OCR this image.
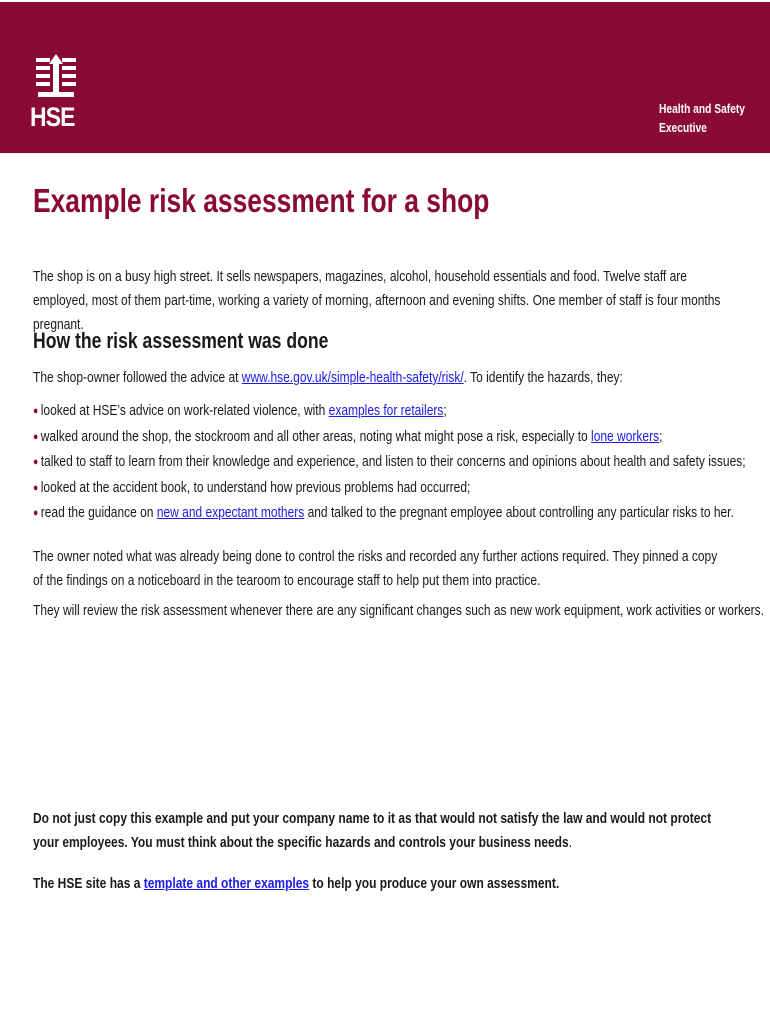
HSE	Health and Safety
Executive
Example risk assessment for a shop

The shop is on a busy high street. It sells newspapers, magazines, alcohol, household essentials and food. Twelve staff are employed, most of them part-time, working a variety of morning, afternoon and evening shifts. One member of staff is four months pregnant.

How the risk assessment was done

The shop-owner followed the advice at www.hse.gov.uk/simple-health-safety/risk/. To identify the hazards, they:

● looked at HSE’s advice on work-related violence, with examples for retailers;
● walked around the shop, the stockroom and all other areas, noting what might pose a risk, especially to lone workers;
● talked to staff to learn from their knowledge and experience, and listen to their concerns and opinions about health and safety issues;
● looked at the accident book, to understand how previous problems had occurred;
● read the guidance on new and expectant mothers and talked to the pregnant employee about controlling any particular risks to her.

The owner noted what was already being done to control the risks and recorded any further actions required. They pinned a copy of the findings on a noticeboard in the tearoom to encourage staff to help put them into practice.

They will review the risk assessment whenever there are any significant changes such as new work equipment, work activities or workers.

Do not just copy this example and put your company name to it as that would not satisfy the law and would not protect your employees. You must think about the specific hazards and controls your business needs.

The HSE site has a template and other examples to help you produce your own assessment.
